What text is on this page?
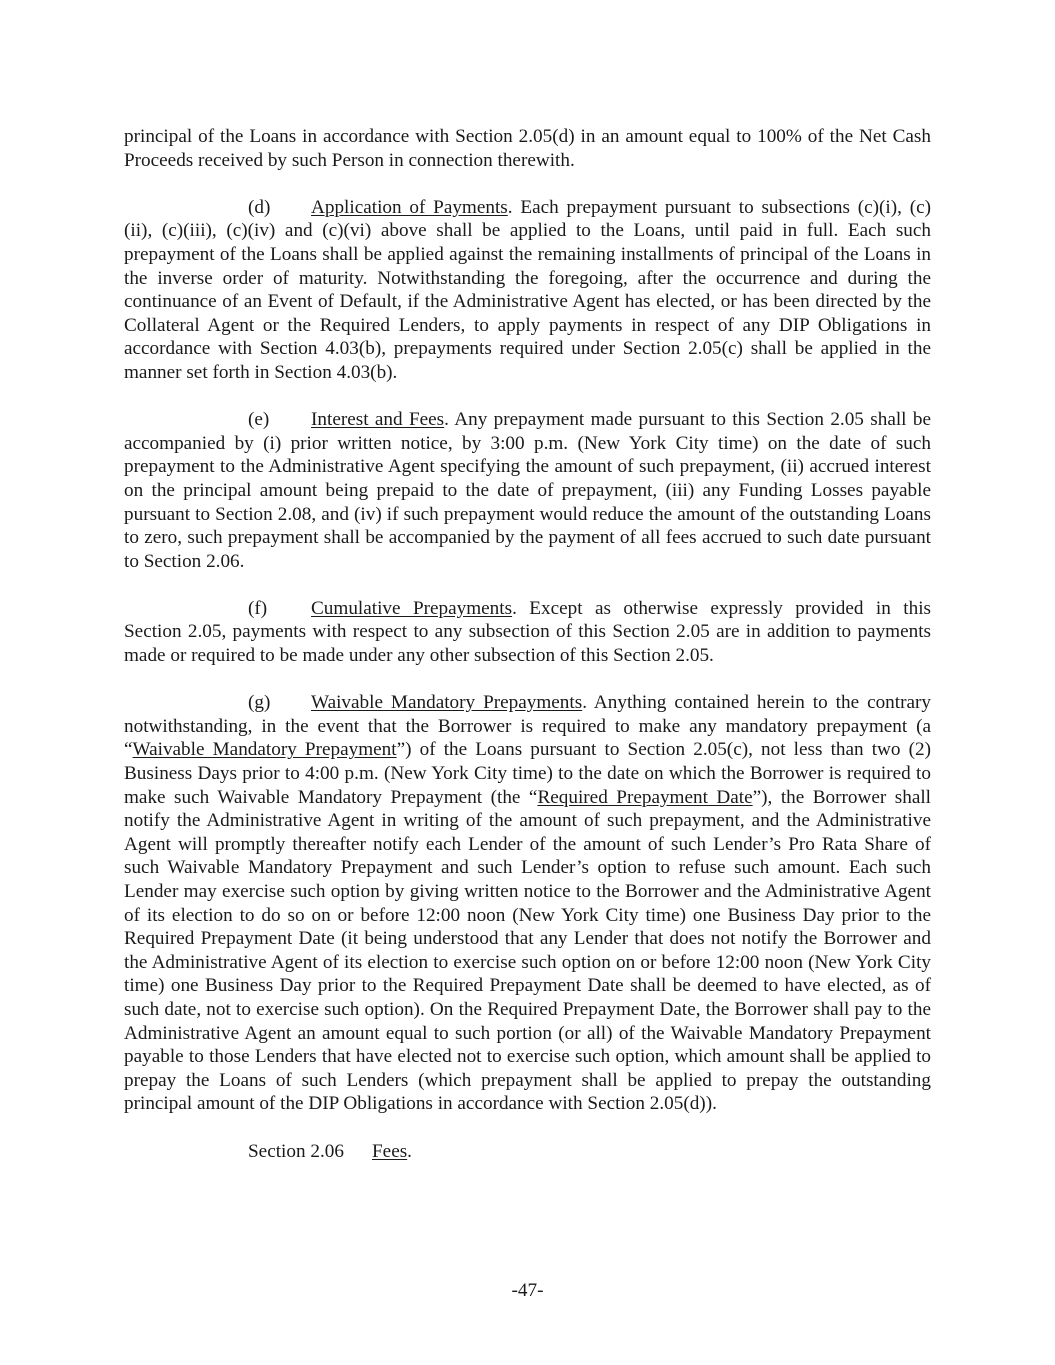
principal of the Loans in accordance with Section 2.05(d) in an amount equal to 100% of the Net Cash Proceeds received by such Person in connection therewith.

(d) Application of Payments. Each prepayment pursuant to subsections (c)(i), (c)(ii), (c)(iii), (c)(iv) and (c)(vi) above shall be applied to the Loans, until paid in full. Each such prepayment of the Loans shall be applied against the remaining installments of principal of the Loans in the inverse order of maturity. Notwithstanding the foregoing, after the occurrence and during the continuance of an Event of Default, if the Administrative Agent has elected, or has been directed by the Collateral Agent or the Required Lenders, to apply payments in respect of any DIP Obligations in accordance with Section 4.03(b), prepayments required under Section 2.05(c) shall be applied in the manner set forth in Section 4.03(b).

(e) Interest and Fees. Any prepayment made pursuant to this Section 2.05 shall be accompanied by (i) prior written notice, by 3:00 p.m. (New York City time) on the date of such prepayment to the Administrative Agent specifying the amount of such prepayment, (ii) accrued interest on the principal amount being prepaid to the date of prepayment, (iii) any Funding Losses payable pursuant to Section 2.08, and (iv) if such prepayment would reduce the amount of the outstanding Loans to zero, such prepayment shall be accompanied by the payment of all fees accrued to such date pursuant to Section 2.06.

(f) Cumulative Prepayments. Except as otherwise expressly provided in this Section 2.05, payments with respect to any subsection of this Section 2.05 are in addition to payments made or required to be made under any other subsection of this Section 2.05.

(g) Waivable Mandatory Prepayments. Anything contained herein to the contrary notwithstanding, in the event that the Borrower is required to make any mandatory prepayment (a “Waivable Mandatory Prepayment”) of the Loans pursuant to Section 2.05(c), not less than two (2) Business Days prior to 4:00 p.m. (New York City time) to the date on which the Borrower is required to make such Waivable Mandatory Prepayment (the “Required Prepayment Date”), the Borrower shall notify the Administrative Agent in writing of the amount of such prepayment, and the Administrative Agent will promptly thereafter notify each Lender of the amount of such Lender’s Pro Rata Share of such Waivable Mandatory Prepayment and such Lender’s option to refuse such amount. Each such Lender may exercise such option by giving written notice to the Borrower and the Administrative Agent of its election to do so on or before 12:00 noon (New York City time) one Business Day prior to the Required Prepayment Date (it being understood that any Lender that does not notify the Borrower and the Administrative Agent of its election to exercise such option on or before 12:00 noon (New York City time) one Business Day prior to the Required Prepayment Date shall be deemed to have elected, as of such date, not to exercise such option). On the Required Prepayment Date, the Borrower shall pay to the Administrative Agent an amount equal to such portion (or all) of the Waivable Mandatory Prepayment payable to those Lenders that have elected not to exercise such option, which amount shall be applied to prepay the Loans of such Lenders (which prepayment shall be applied to prepay the outstanding principal amount of the DIP Obligations in accordance with Section 2.05(d)).

Section 2.06 Fees.

-47-
